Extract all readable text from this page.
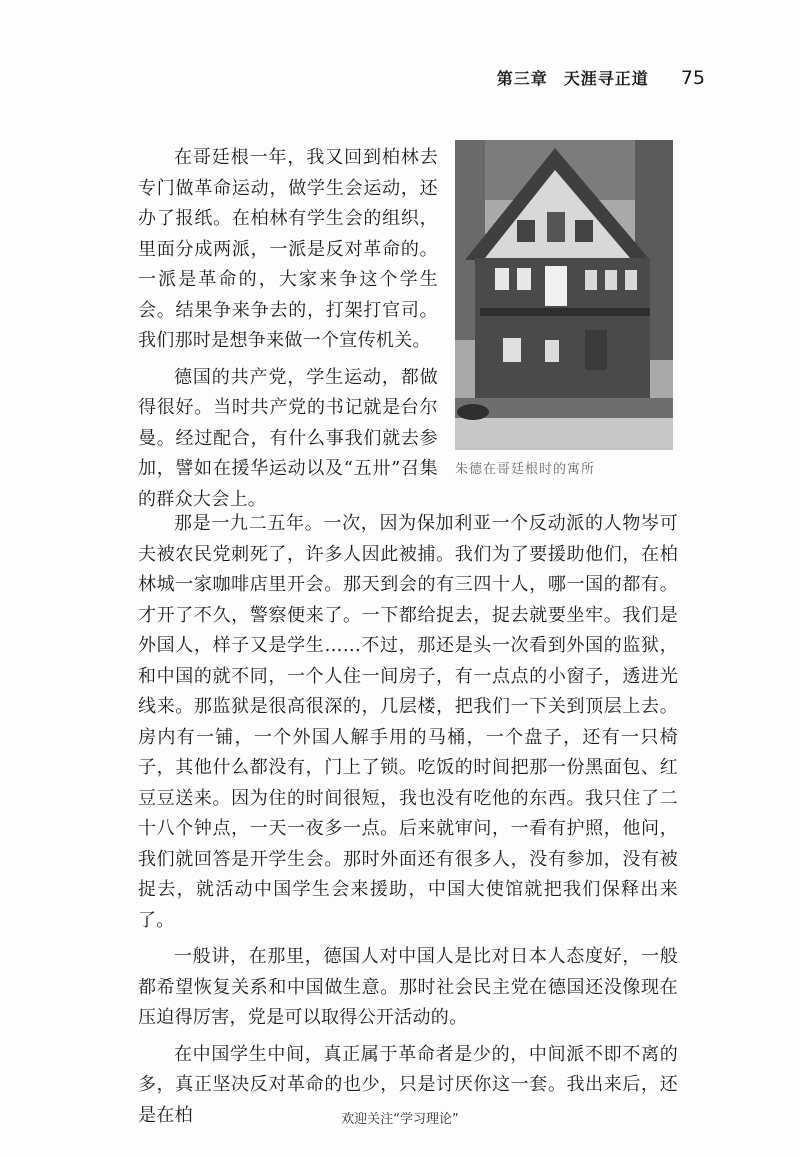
第三章 天涯寻正道 75
朱德在哥廷根时的寓所

在哥廷根一年，我又回到柏林去专门做革命运动，做学生会运动，还办了报纸。在柏林有学生会的组织，里面分成两派，一派是反对革命的。一派是革命的，大家来争这个学生会。结果争来争去的，打架打官司。我们那时是想争来做一个宣传机关。

德国的共产党，学生运动，都做得很好。当时共产党的书记就是台尔曼。经过配合，有什么事我们就去参加，譬如在援华运动以及“五卅”召集的群众大会上。

那是一九二五年。一次，因为保加利亚一个反动派的人物岑可夫被农民党刺死了，许多人因此被捕。我们为了要援助他们，在柏林城一家咖啡店里开会。那天到会的有三四十人，哪一国的都有。才开了不久，警察便来了。一下都给捉去，捉去就要坐牢。我们是外国人，样子又是学生……不过，那还是头一次看到外国的监狱，和中国的就不同，一个人住一间房子，有一点点的小窗子，透进光线来。那监狱是很高很深的，几层楼，把我们一下关到顶层上去。房内有一铺，一个外国人解手用的马桶，一个盘子，还有一只椅子，其他什么都没有，门上了锁。吃饭的时间把那一份黑面包、红豆豆送来。因为住的时间很短，我也没有吃他的东西。我只住了二十八个钟点，一天一夜多一点。后来就审问，一看有护照，他问，我们就回答是开学生会。那时外面还有很多人，没有参加，没有被捉去，就活动中国学生会来援助，中国大使馆就把我们保释出来了。

一般讲，在那里，德国人对中国人是比对日本人态度好，一般都希望恢复关系和中国做生意。那时社会民主党在德国还没像现在压迫得厉害，党是可以取得公开活动的。

在中国学生中间，真正属于革命者是少的，中间派不即不离的多，真正坚决反对革命的也少，只是讨厌你这一套。我出来后，还是在柏	欢迎关注“学习理论”
